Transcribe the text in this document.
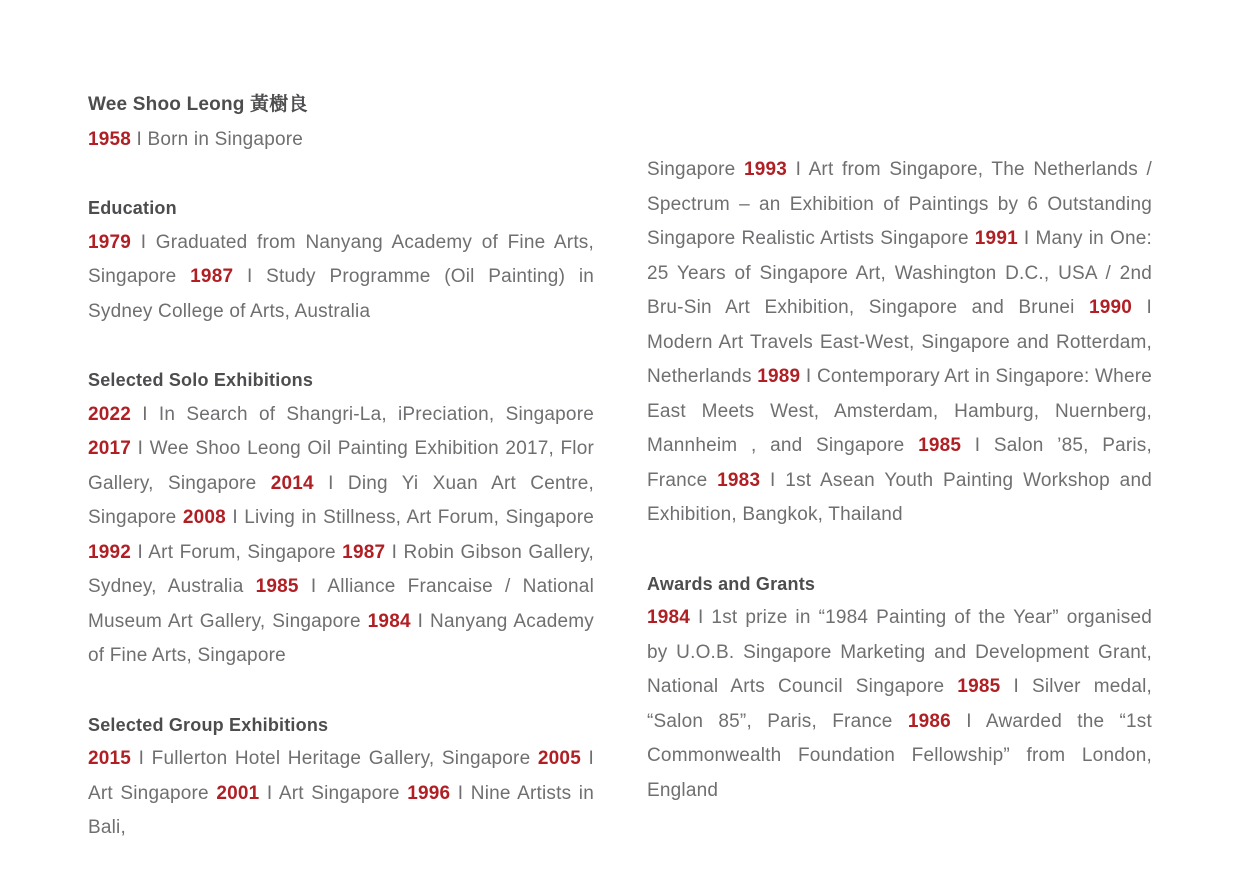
Wee Shoo Leong 黃樹良
1958 I Born in Singapore
Education
1979 I Graduated from Nanyang Academy of Fine Arts, Singapore 1987 I Study Programme (Oil Painting) in Sydney College of Arts, Australia
Selected Solo Exhibitions
2022 I In Search of Shangri-La, iPreciation, Singapore 2017 I Wee Shoo Leong Oil Painting Exhibition 2017, Flor Gallery, Singapore 2014 I Ding Yi Xuan Art Centre, Singapore 2008 I Living in Stillness, Art Forum, Singapore 1992 I Art Forum, Singapore 1987 I Robin Gibson Gallery, Sydney, Australia 1985 I Alliance Francaise / National Museum Art Gallery, Singapore 1984 I Nanyang Academy of Fine Arts, Singapore
Selected Group Exhibitions
2015 I Fullerton Hotel Heritage Gallery, Singapore 2005 I Art Singapore 2001 I Art Singapore 1996 I Nine Artists in Bali,
Singapore 1993 I Art from Singapore, The Netherlands / Spectrum – an Exhibition of Paintings by 6 Outstanding Singapore Realistic Artists Singapore 1991 I Many in One: 25 Years of Singapore Art, Washington D.C., USA / 2nd Bru-Sin Art Exhibition, Singapore and Brunei 1990 I Modern Art Travels East-West, Singapore and Rotterdam, Netherlands 1989 I Contemporary Art in Singapore: Where East Meets West, Amsterdam, Hamburg, Nuernberg, Mannheim , and Singapore 1985 I Salon ’85, Paris, France 1983 I 1st Asean Youth Painting Workshop and Exhibition, Bangkok, Thailand
Awards and Grants
1984 I 1st prize in “1984 Painting of the Year” organised by U.O.B. Singapore Marketing and Development Grant, National Arts Council Singapore 1985 I Silver medal, “Salon 85”, Paris, France 1986 I Awarded the “1st Commonwealth Foundation Fellowship” from London, England
